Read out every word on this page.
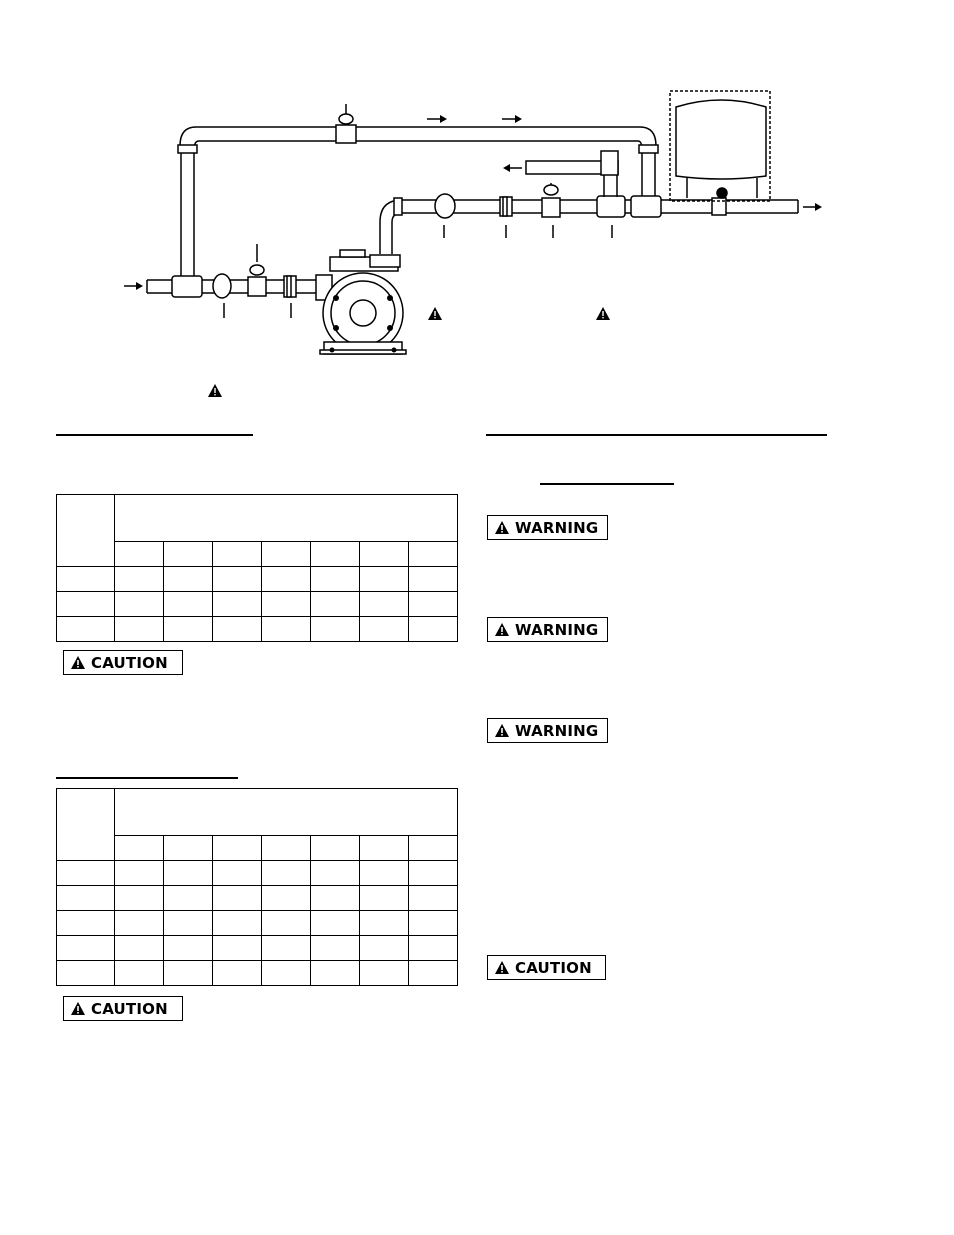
CAUTION

CAUTION
WARNING
WARNING
WARNING
CAUTION
